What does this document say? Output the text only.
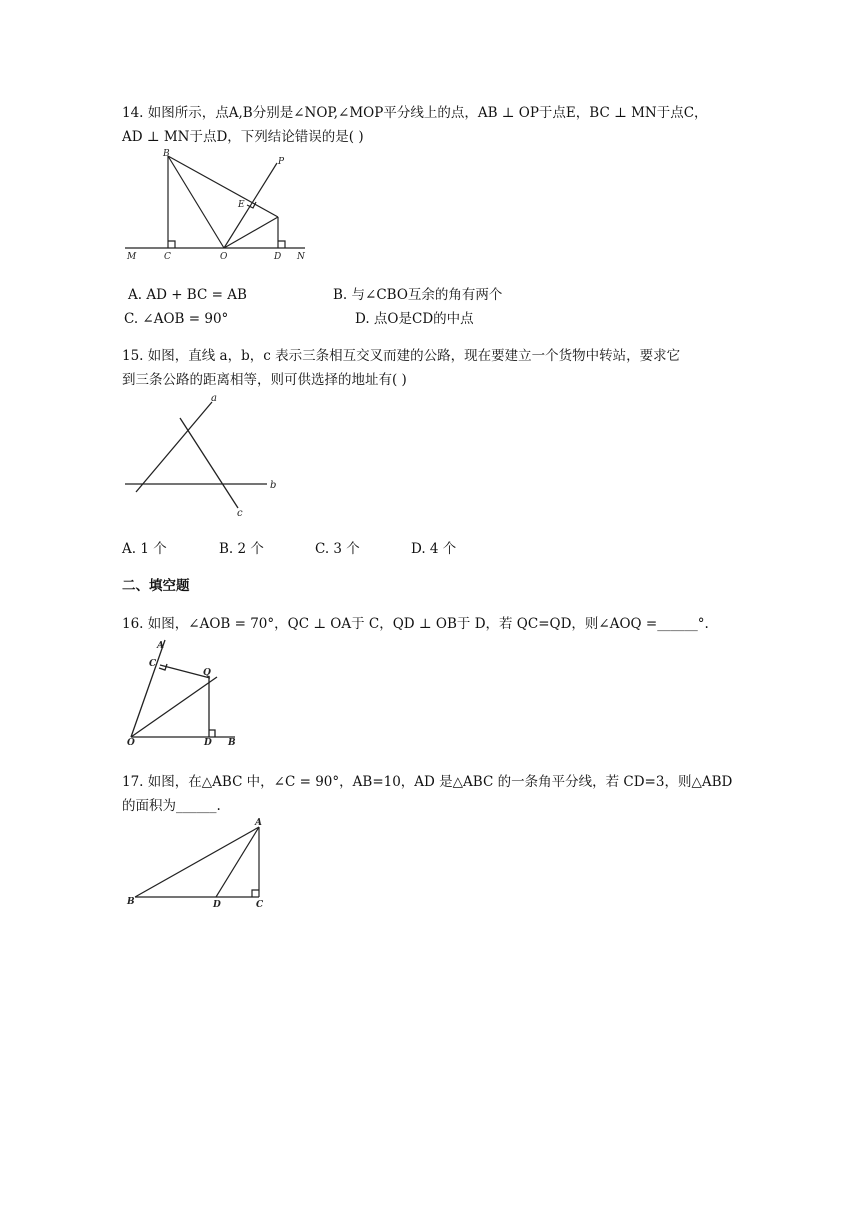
14. 如图所示，点A,B分别是∠NOP,∠MOP平分线上的点，AB ⊥ OP于点E，BC ⊥ MN于点C，
AD ⊥ MN于点D，下列结论错误的是( )
B
P
E
M	C	O	D N
A. AD + BC = AB	B. 与∠CBO互余的角有两个
C. ∠AOB = 90°	D. 点O是CD的中点
15. 如图，直线 a，b，c 表示三条相互交叉而建的公路，现在要建立一个货物中转站，要求它
到三条公路的距离相等，则可供选择的地址有( )
a
b
c
A. 1 个	B. 2 个	C. 3 个	D. 4 个
二、填空题
16. 如图，∠AOB = 70°，QC ⊥ OA于 C，QD ⊥ OB于 D，若 QC=QD，则∠AOQ =______°.
A
C
Q
O	D B
17. 如图，在△ABC 中，∠C = 90°，AB=10，AD 是△ABC 的一条角平分线，若 CD=3，则△ABD
的面积为______.
A
B	D	C
